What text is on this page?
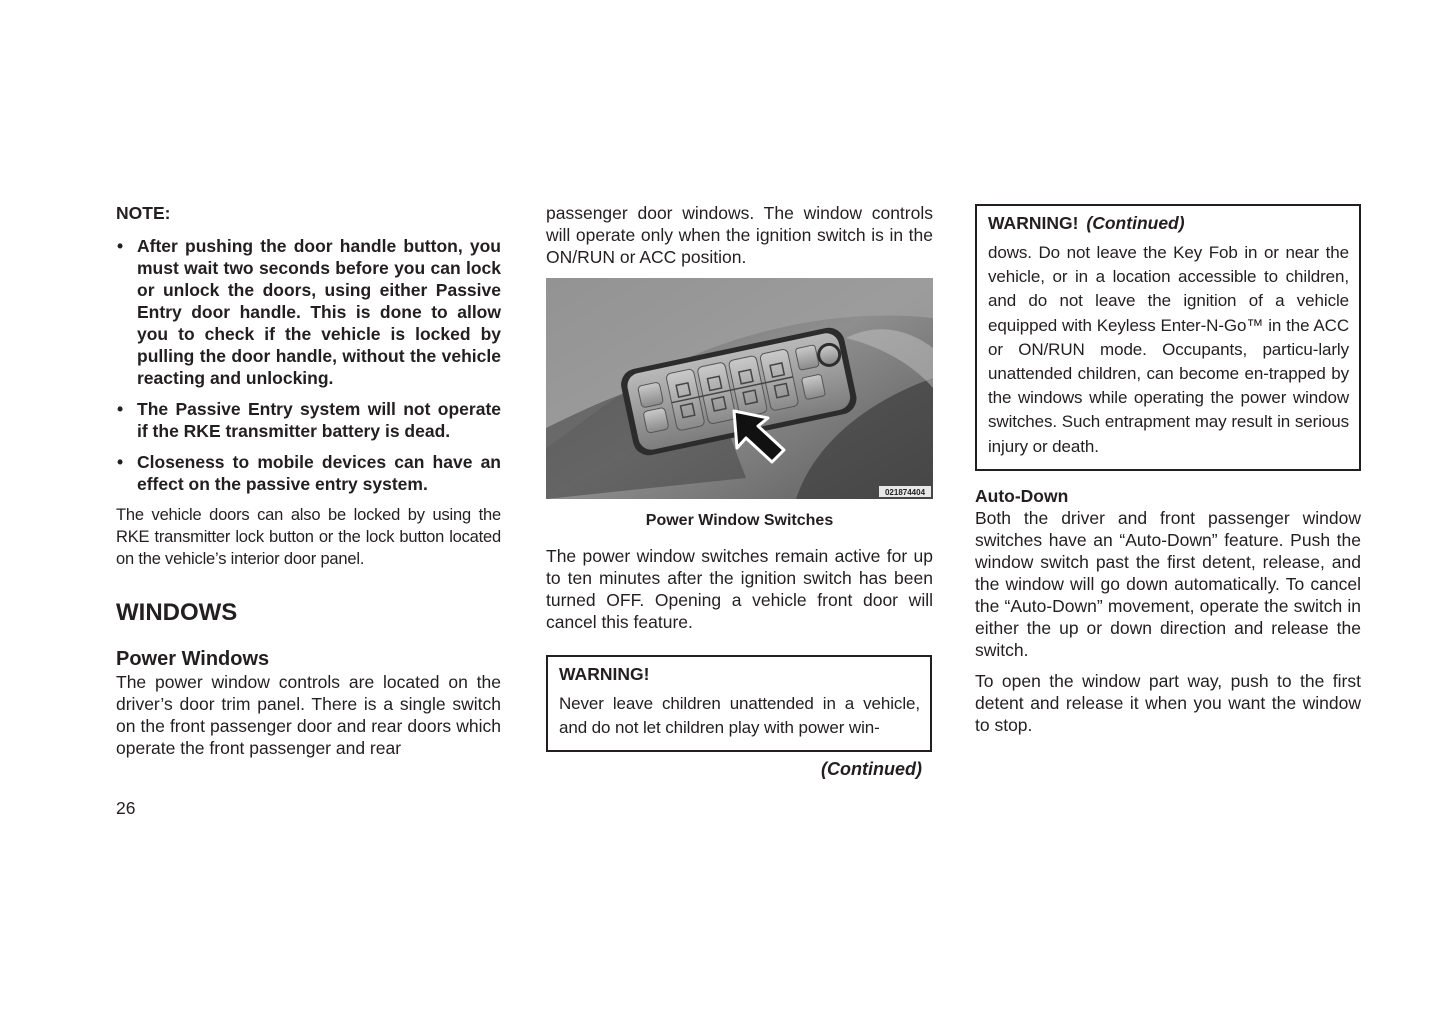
NOTE:
• After pushing the door handle button, you must wait two seconds before you can lock or unlock the doors, using either Passive Entry door handle. This is done to allow you to check if the vehicle is locked by pulling the door handle, without the vehicle reacting and unlocking.
• The Passive Entry system will not operate if the RKE transmitter battery is dead.
• Closeness to mobile devices can have an effect on the passive entry system.

The vehicle doors can also be locked by using the RKE transmitter lock button or the lock button located on the vehicle’s interior door panel.

WINDOWS
Power Windows

The power window controls are located on the driver’s door trim panel. There is a single switch on the front passenger door and rear doors which operate the front passenger and rear

passenger door windows. The window controls will operate only when the ignition switch is in the ON/RUN or ACC position.

021874404
Power Window Switches

The power window switches remain active for up to ten minutes after the ignition switch has been turned OFF. Opening a vehicle front door will cancel this feature.

WARNING!

Never leave children unattended in a vehicle, and do not let children play with power win-

(Continued)
WARNING! (Continued)

dows. Do not leave the Key Fob in or near the vehicle, or in a location accessible to children, and do not leave the ignition of a vehicle equipped with Keyless Enter-N-Go™ in the ACC or ON/RUN mode. Occupants, particu-larly unattended children, can become en-trapped by the windows while operating the power window switches. Such entrapment may result in serious injury or death.

Auto-Down

Both the driver and front passenger window switches have an “Auto-Down” feature. Push the window switch past the first detent, release, and the window will go down automatically. To cancel the “Auto-Down” movement, operate the switch in either the up or down direction and release the switch.

To open the window part way, push to the first detent and release it when you want the window to stop.

26
